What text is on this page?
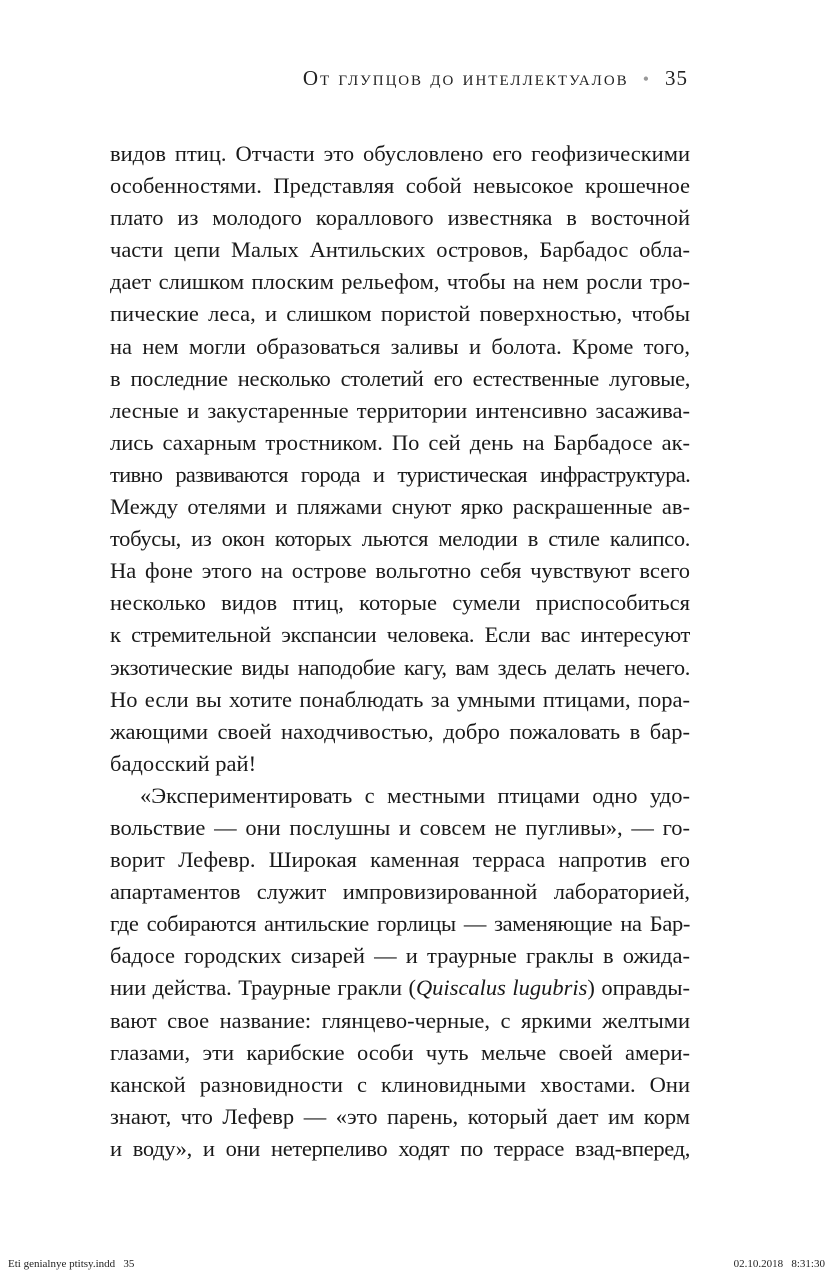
От глупцов до интеллектуалов • 35
видов птиц. Отчасти это обусловлено его геофизическими
особенностями. Представляя собой невысокое крошечное
плато из молодого кораллового известняка в восточной
части цепи Малых Антильских островов, Барбадос обла-
дает слишком плоским рельефом, чтобы на нем росли тро-
пические леса, и слишком пористой поверхностью, чтобы
на нем могли образоваться заливы и болота. Кроме того,
в последние несколько столетий его естественные луговые,
лесные и закустаренные территории интенсивно засажива-
лись сахарным тростником. По сей день на Барбадосе ак-
тивно развиваются города и туристическая инфраструктура.
Между отелями и пляжами снуют ярко раскрашенные ав-
тобусы, из окон которых льются мелодии в стиле калипсо.
На фоне этого на острове вольготно себя чувствуют всего
несколько видов птиц, которые сумели приспособиться
к стремительной экспансии человека. Если вас интересуют
экзотические виды наподобие кагу, вам здесь делать нечего.
Но если вы хотите понаблюдать за умными птицами, пора-
жающими своей находчивостью, добро пожаловать в бар-
бадосский рай!
«Экспериментировать с местными птицами одно удо-
вольствие — они послушны и совсем не пугливы», — го-
ворит Лефевр. Широкая каменная терраса напротив его
апартаментов служит импровизированной лабораторией,
где собираются антильские горлицы — заменяющие на Бар-
бадосе городских сизарей — и траурные граклы в ожида-
нии действа. Траурные гракли (Quiscalus lugubris) оправды-
вают свое название: глянцево-черные, с яркими желтыми
глазами, эти карибские особи чуть мельче своей амери-
канской разновидности с клиновидными хвостами. Они
знают, что Лефевр — «это парень, который дает им корм
и воду», и они нетерпеливо ходят по террасе взад-вперед,
Eti genialnye ptitsy.indd   35	02.10.2018   8:31:30
